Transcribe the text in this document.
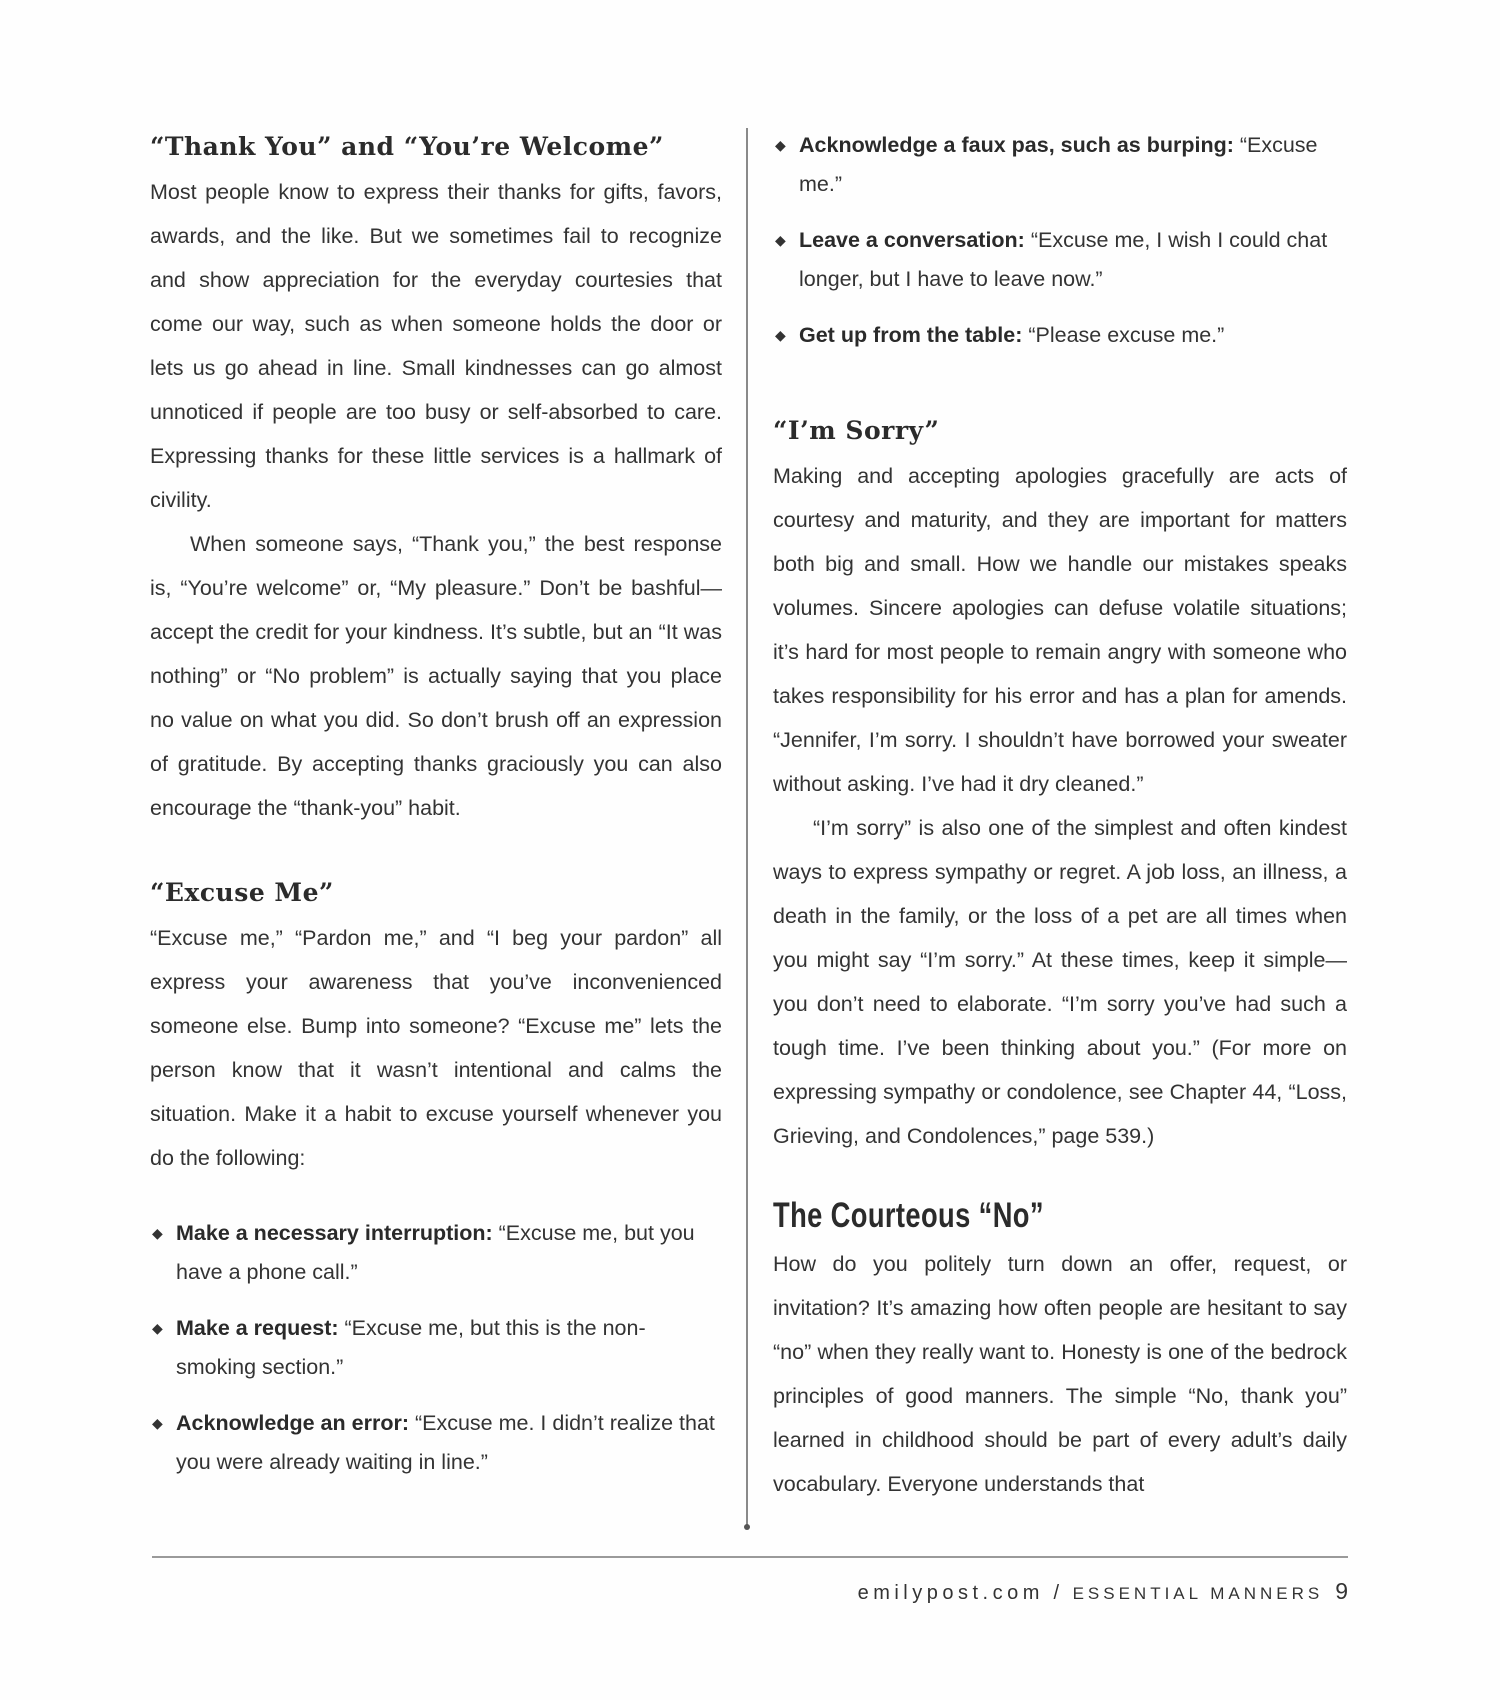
“Thank You” and “You’re Welcome”

Most people know to express their thanks for gifts, favors, awards, and the like. But we sometimes fail to recognize and show appreciation for the everyday courtesies that come our way, such as when someone holds the door or lets us go ahead in line. Small kindnesses can go almost unnoticed if people are too busy or self-absorbed to care. Expressing thanks for these little services is a hallmark of civility.

When someone says, “Thank you,” the best response is, “You’re welcome” or, “My pleasure.” Don’t be bashful—accept the credit for your kindness. It’s subtle, but an “It was nothing” or “No problem” is actually saying that you place no value on what you did. So don’t brush off an expression of gratitude. By accepting thanks graciously you can also encourage the “thank-you” habit.

“Excuse Me”

“Excuse me,” “Pardon me,” and “I beg your pardon” all express your awareness that you’ve inconvenienced someone else. Bump into someone? “Excuse me” lets the person know that it wasn’t intentional and calms the situation. Make it a habit to excuse yourself whenever you do the following:

◆ Make a necessary interruption: “Excuse me, but you have a phone call.”
◆ Make a request: “Excuse me, but this is the non-smoking section.”
◆ Acknowledge an error: “Excuse me. I didn’t realize that you were already waiting in line.”
◆ Acknowledge a faux pas, such as burping: “Excuse me.”
◆ Leave a conversation: “Excuse me, I wish I could chat longer, but I have to leave now.”
◆ Get up from the table: “Please excuse me.”
“I’m Sorry”

Making and accepting apologies gracefully are acts of courtesy and maturity, and they are important for matters both big and small. How we handle our mistakes speaks volumes. Sincere apologies can defuse volatile situations; it’s hard for most people to remain angry with someone who takes responsibility for his error and has a plan for amends. “Jennifer, I’m sorry. I shouldn’t have borrowed your sweater without asking. I’ve had it dry cleaned.”

“I’m sorry” is also one of the simplest and often kindest ways to express sympathy or regret. A job loss, an illness, a death in the family, or the loss of a pet are all times when you might say “I’m sorry.” At these times, keep it simple—you don’t need to elaborate. “I’m sorry you’ve had such a tough time. I’ve been thinking about you.” (For more on expressing sympathy or condolence, see Chapter 44, “Loss, Grieving, and Condolences,” page 539.)

The Courteous “No”

How do you politely turn down an offer, request, or invitation? It’s amazing how often people are hesitant to say “no” when they really want to. Honesty is one of the bedrock principles of good manners. The simple “No, thank you” learned in childhood should be part of every adult’s daily vocabulary. Everyone understands that

emilypost.com / ESSENTIAL MANNERS 9
